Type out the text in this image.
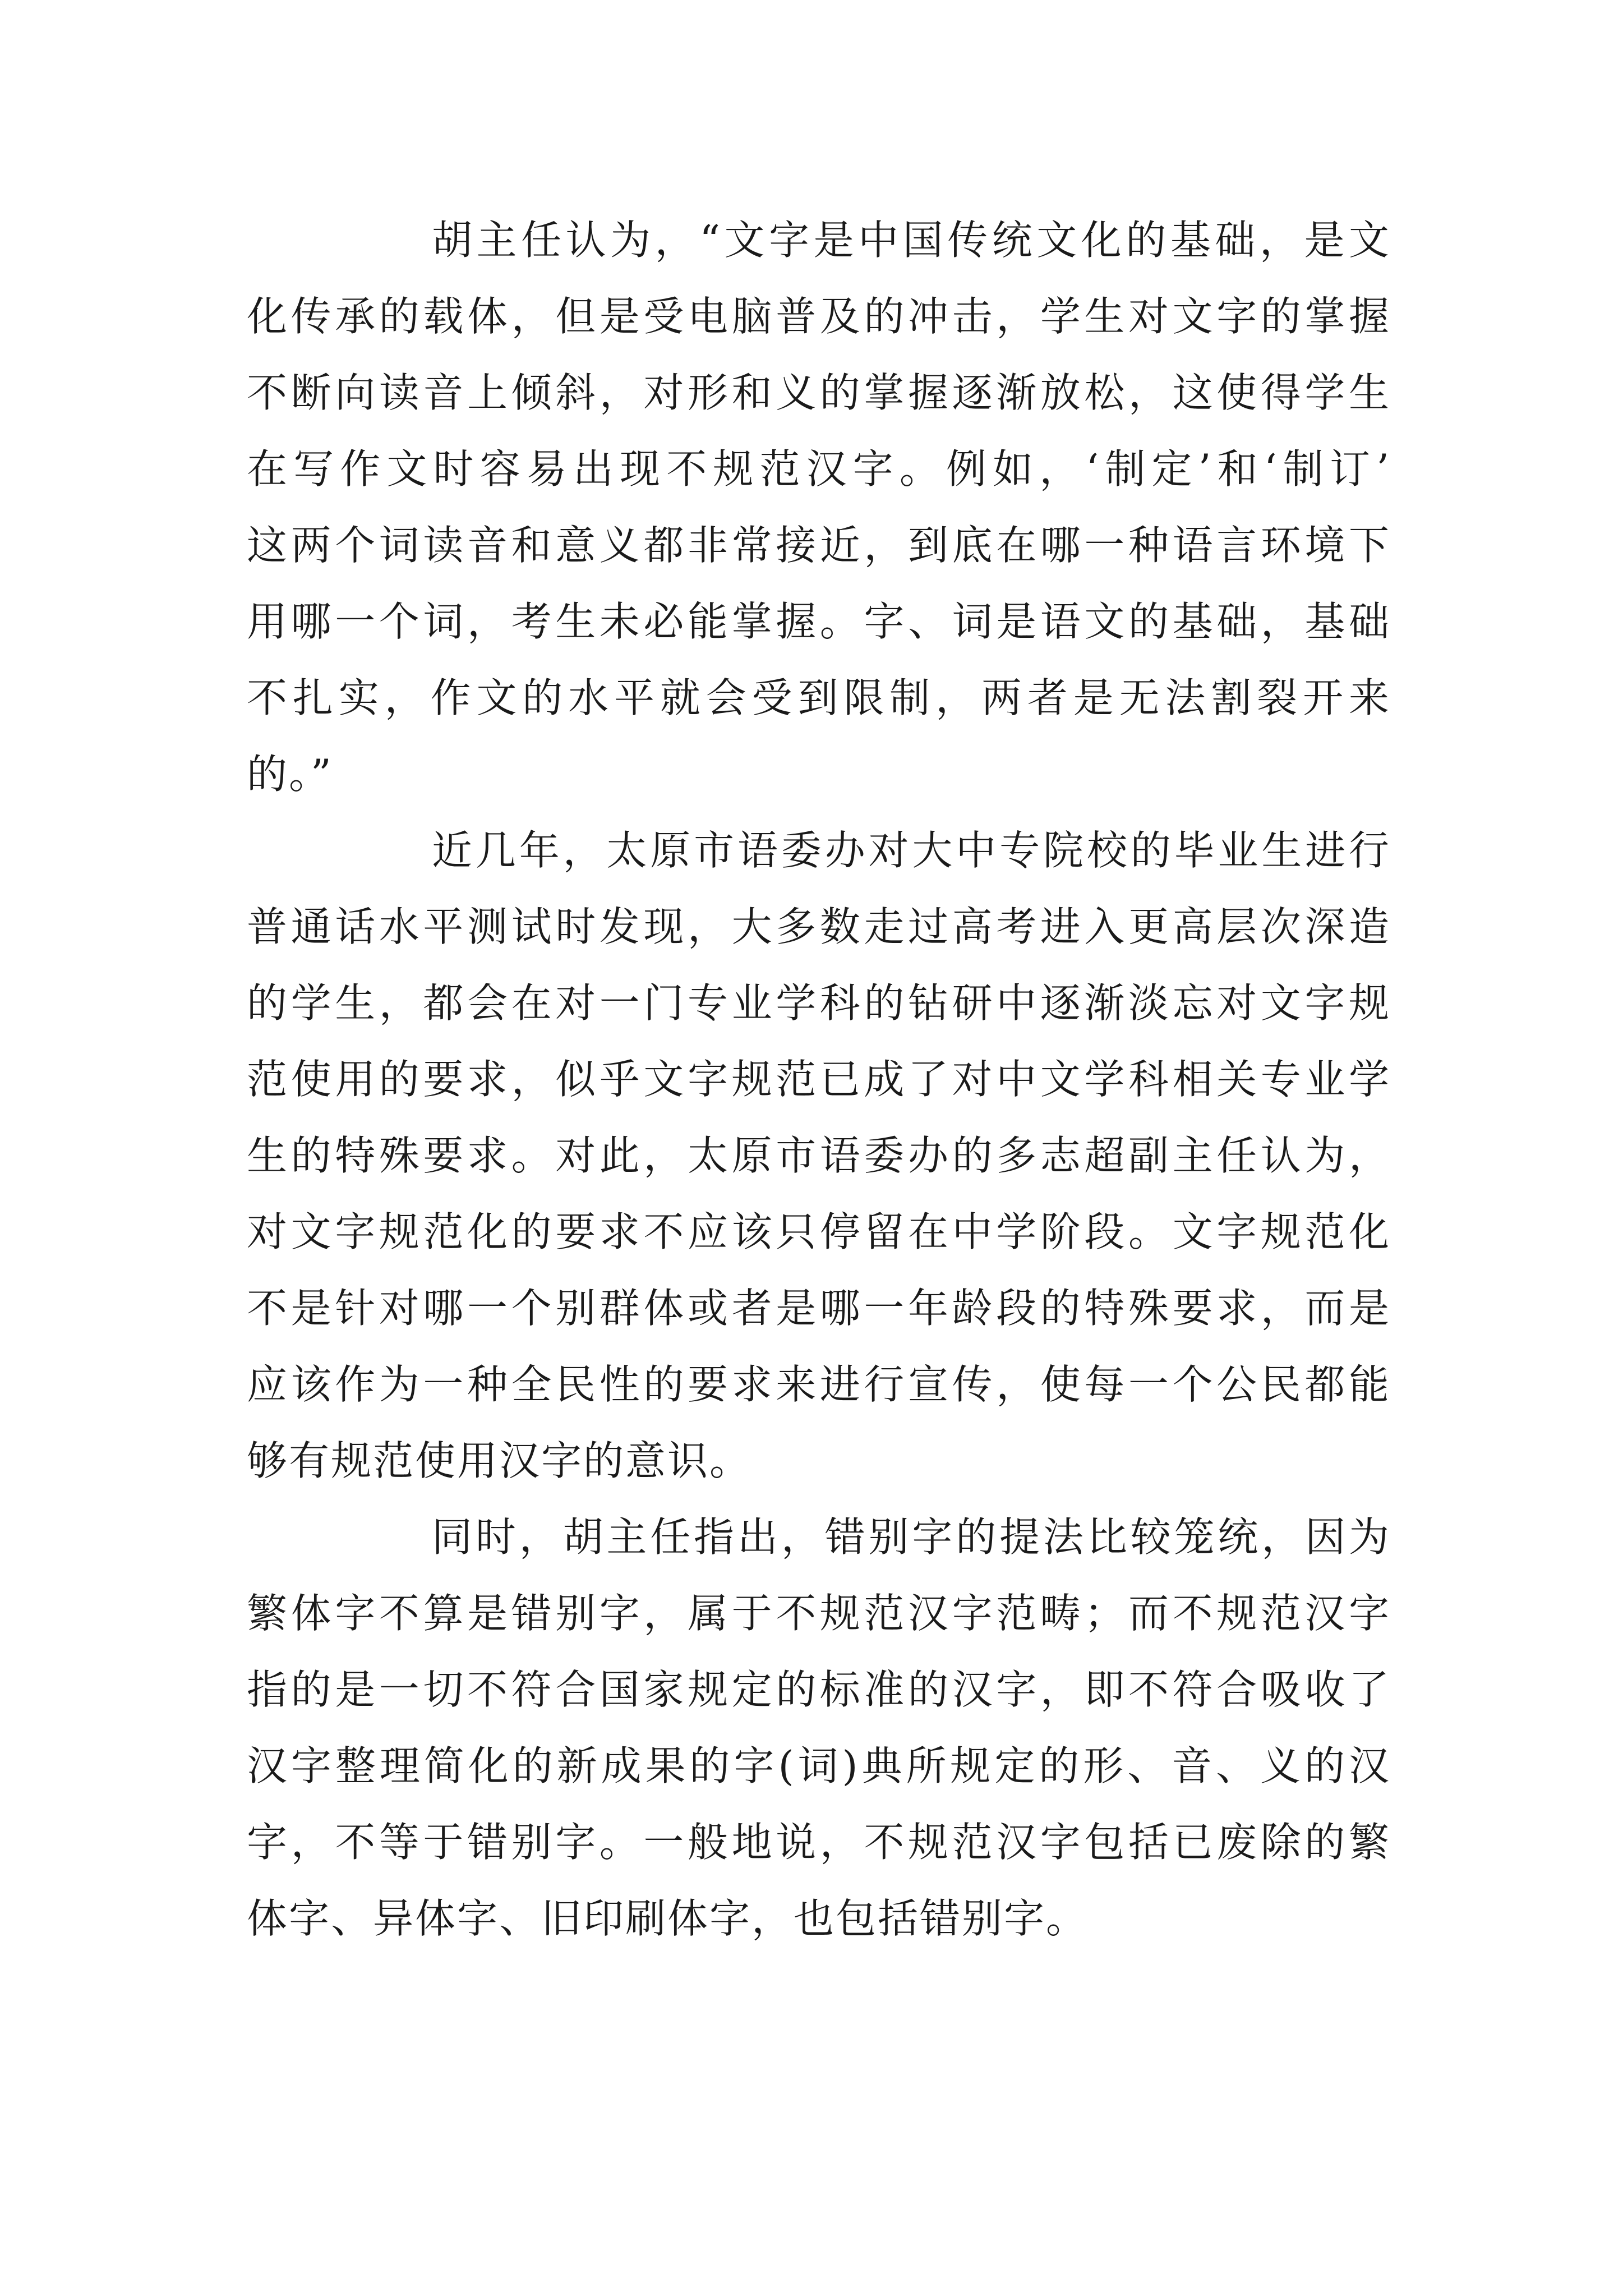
胡主任认为，“文字是中国传统文化的基础，是文
化传承的载体，但是受电脑普及的冲击，学生对文字的掌握
不断向读音上倾斜，对形和义的掌握逐渐放松，这使得学生
在写作文时容易出现不规范汉字。例如，‘制定’和‘制订’
这两个词读音和意义都非常接近，到底在哪一种语言环境下
用哪一个词，考生未必能掌握。字、词是语文的基础，基础
不扎实，作文的水平就会受到限制，两者是无法割裂开来
的。”
近几年，太原市语委办对大中专院校的毕业生进行
普通话水平测试时发现，大多数走过高考进入更高层次深造
的学生，都会在对一门专业学科的钻研中逐渐淡忘对文字规
范使用的要求，似乎文字规范已成了对中文学科相关专业学
生的特殊要求。对此，太原市语委办的多志超副主任认为，
对文字规范化的要求不应该只停留在中学阶段。文字规范化
不是针对哪一个别群体或者是哪一年龄段的特殊要求，而是
应该作为一种全民性的要求来进行宣传，使每一个公民都能
够有规范使用汉字的意识。
同时，胡主任指出，错别字的提法比较笼统，因为
繁体字不算是错别字，属于不规范汉字范畴；而不规范汉字
指的是一切不符合国家规定的标准的汉字，即不符合吸收了
汉字整理简化的新成果的字(词)典所规定的形、音、义的汉
字，不等于错别字。一般地说，不规范汉字包括已废除的繁
体字、异体字、旧印刷体字，也包括错别字。
